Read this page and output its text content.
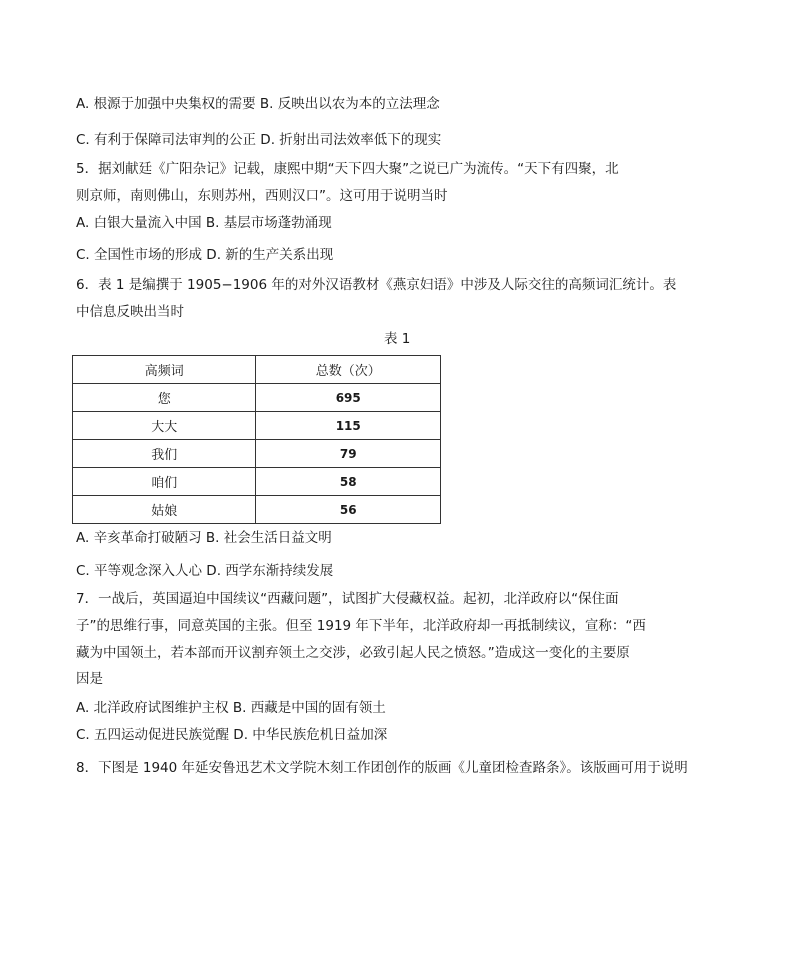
A. 根源于加强中央集权的需要 B. 反映出以农为本的立法理念
C. 有利于保障司法审判的公正 D. 折射出司法效率低下的现实
5．据刘献廷《广阳杂记》记载，康熙中期“天下四大聚”之说已广为流传。“天下有四聚，北
则京师，南则佛山，东则苏州，西则汉口”。这可用于说明当时
A. 白银大量流入中国 B. 基层市场蓬勃涌现
C. 全国性市场的形成 D. 新的生产关系出现
6．表 1 是编撰于 1905−1906 年的对外汉语教材《燕京妇语》中涉及人际交往的高频词汇统计。表
中信息反映出当时
表 1
高频词	总数（次）
您	695
大大	115
我们	79
咱们	58
姑娘	56
A. 辛亥革命打破陋习 B. 社会生活日益文明
C. 平等观念深入人心 D. 西学东渐持续发展
7．一战后，英国逼迫中国续议“西藏问题”，试图扩大侵藏权益。起初，北洋政府以“保住面
子”的思维行事，同意英国的主张。但至 1919 年下半年，北洋政府却一再抵制续议，宣称：“西
藏为中国领土，若本部而开议割弃领土之交涉，必致引起人民之愤怒。”造成这一变化的主要原
因是
A. 北洋政府试图维护主权 B. 西藏是中国的固有领土
C. 五四运动促进民族觉醒 D. 中华民族危机日益加深
8．下图是 1940 年延安鲁迅艺术文学院木刻工作团创作的版画《儿童团检查路条》。该版画可用于说明
